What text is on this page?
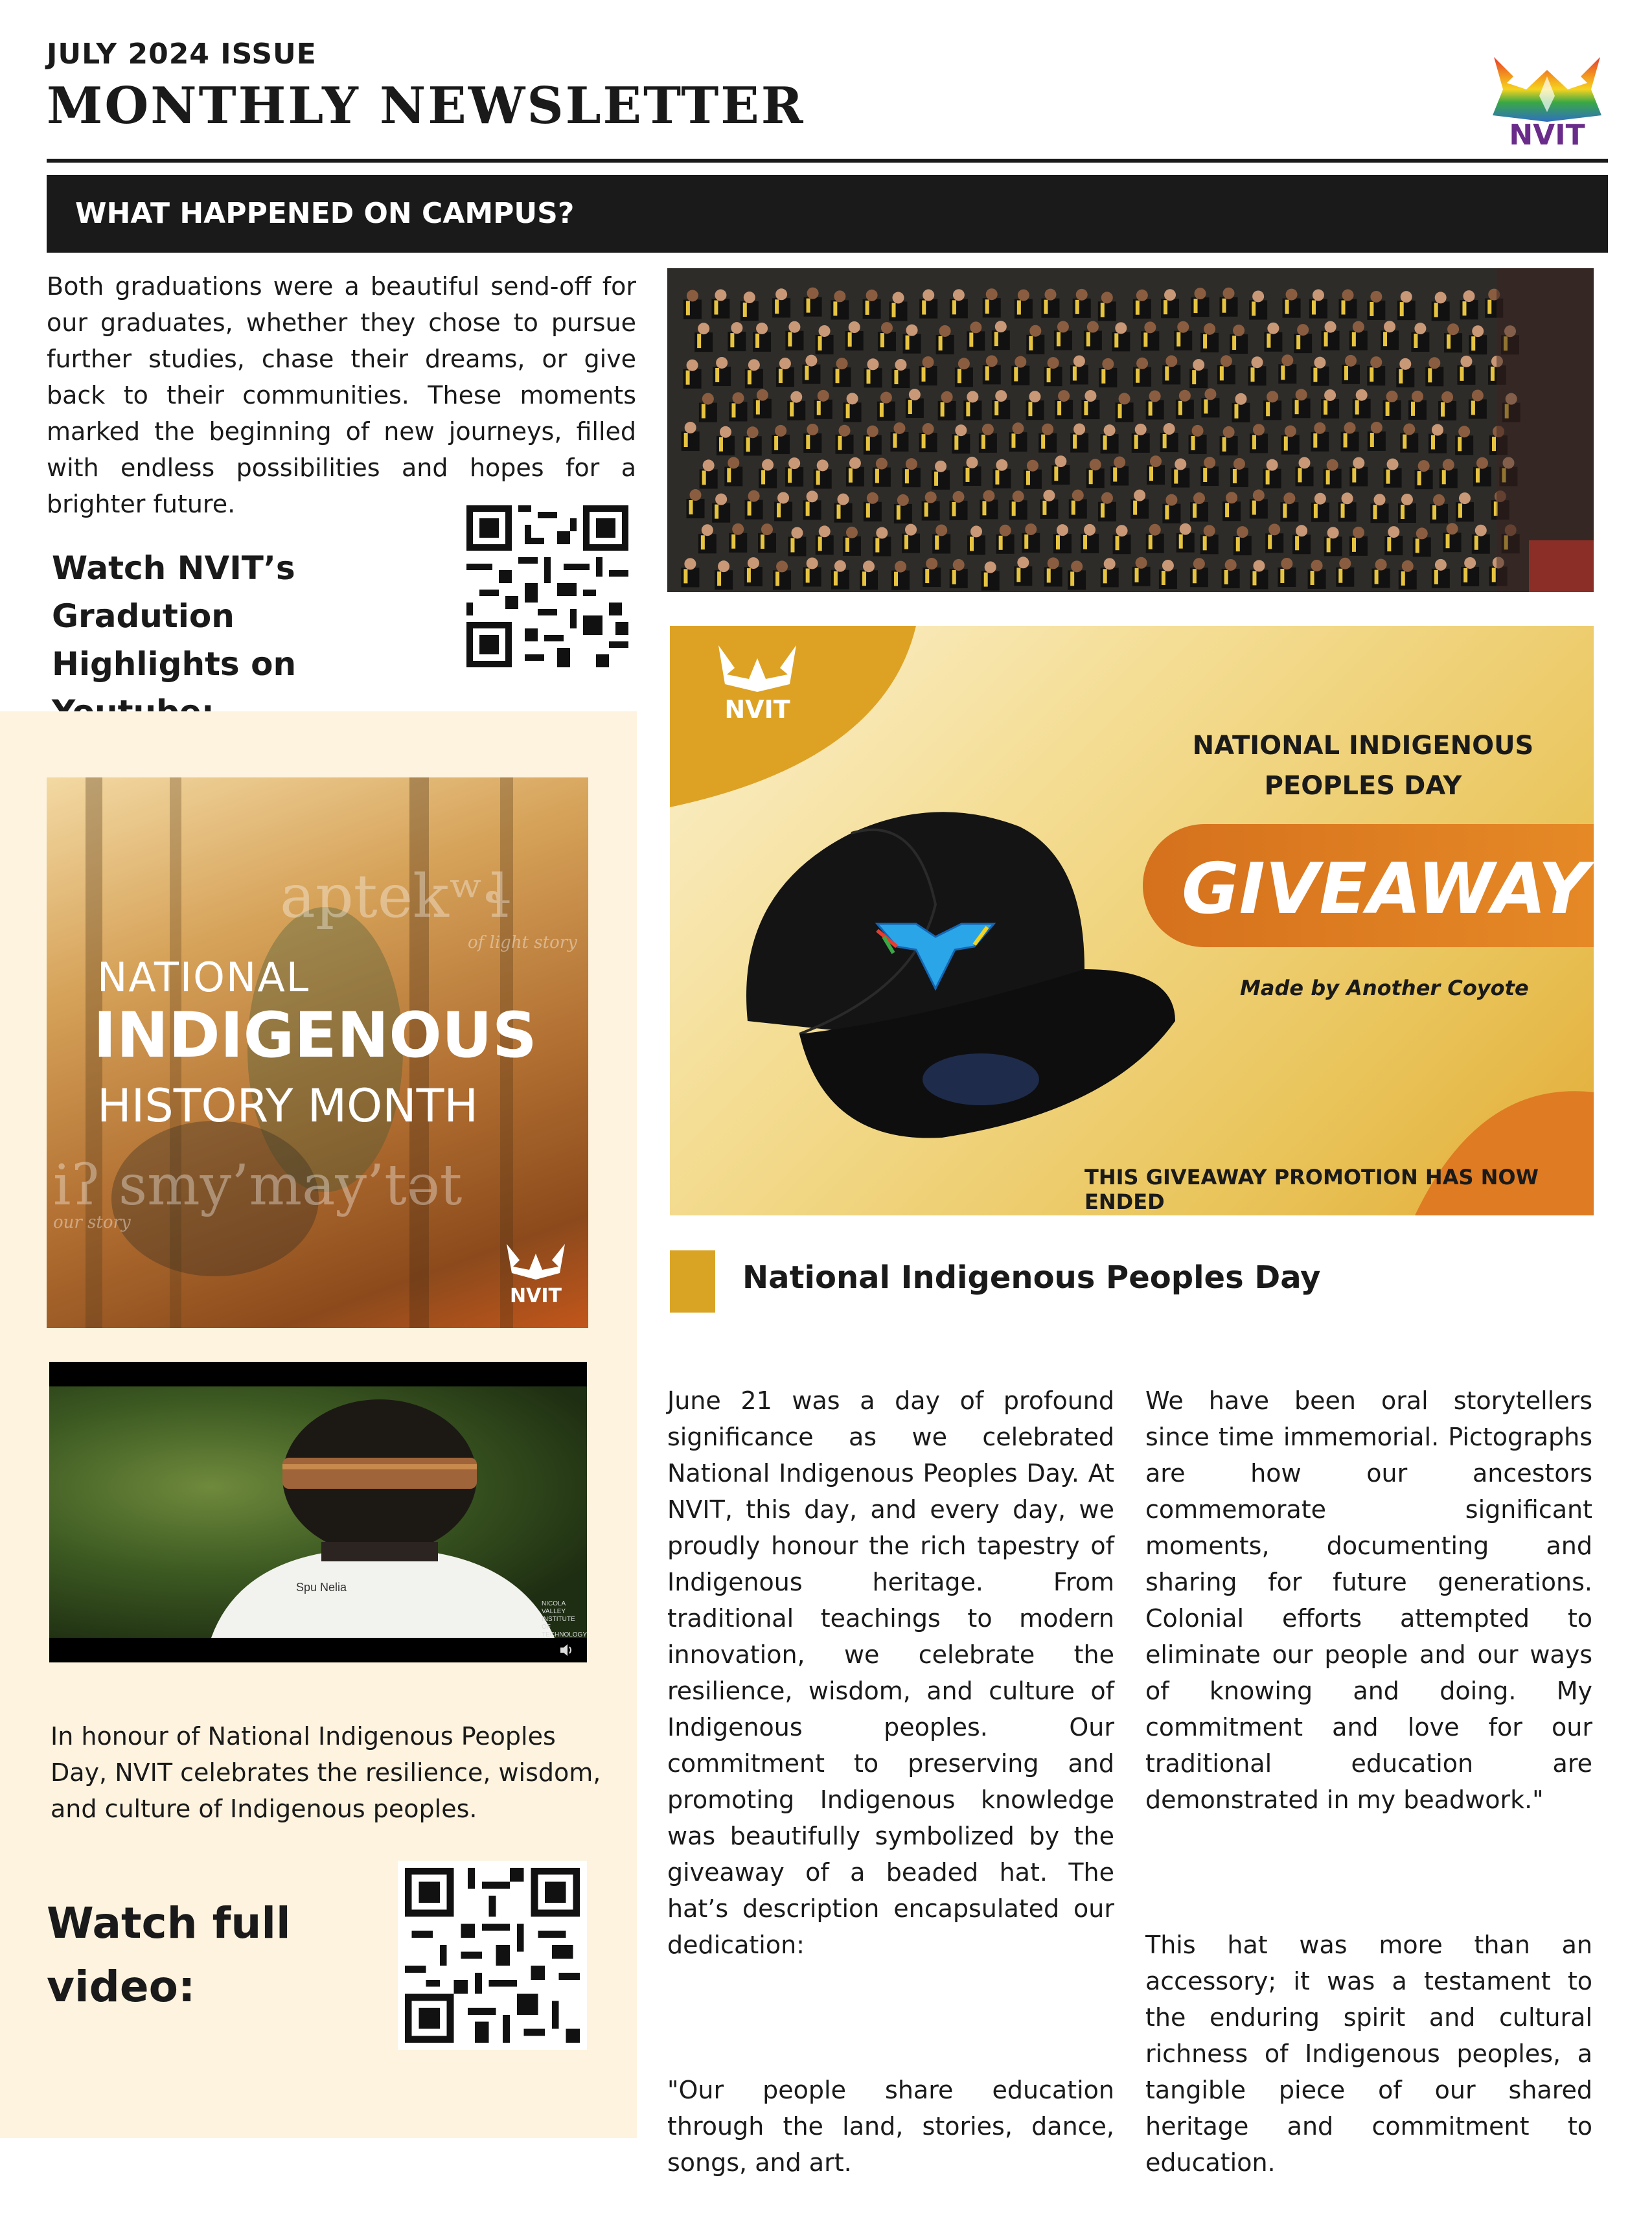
JULY 2024 ISSUE
MONTHLY NEWSLETTER	NVIT
WHAT HAPPENED ON CAMPUS?
Both graduations were a beautiful send-off for our graduates, whether they chose to pursue further studies, chase their dreams, or give back to their communities. These moments marked the beginning of new journeys, filled with endless possibilities and hopes for a brighter future.
Watch NVIT’s Gradution
Highlights on
aptekʷɬ
of light story
NATIONAL
INDIGENOUS
HISTORY MONTH
iʔ smy’may’tət
our story
NVIT
Spu Nelia
NICOLA VALLEY INSTITUTE OF TECHNOLOGY
In honour of National Indigenous Peoples Day, NVIT celebrates the resilience, wisdom, and culture of Indigenous peoples.
Watch full
video:
NVIT
NATIONAL INDIGENOUS
PEOPLES DAY
GIVEAWAY
Made by Another Coyote
THIS GIVEAWAY PROMOTION HAS NOW ENDED
National Indigenous Peoples Day

June 21 was a day of profound significance as we celebrated National Indigenous Peoples Day. At NVIT, this day, and every day, we proudly honour the rich tapestry of Indigenous heritage. From traditional teachings to modern innovation, we celebrate the resilience, wisdom, and culture of Indigenous peoples. Our commitment to preserving and promoting Indigenous knowledge was beautifully symbolized by the giveaway of a beaded hat. The hat’s description encapsulated our dedication:

"Our people share education through the land, stories, dance, songs, and art.

We have been oral storytellers since time immemorial. Pictographs are how our ancestors commemorate significant moments, documenting and sharing for future generations. Colonial efforts attempted to eliminate our people and our ways of knowing and doing. My commitment and love for our traditional education are demonstrated in my beadwork."

This hat was more than an accessory; it was a testament to the enduring spirit and cultural richness of Indigenous peoples, a tangible piece of our shared heritage and commitment to education.
